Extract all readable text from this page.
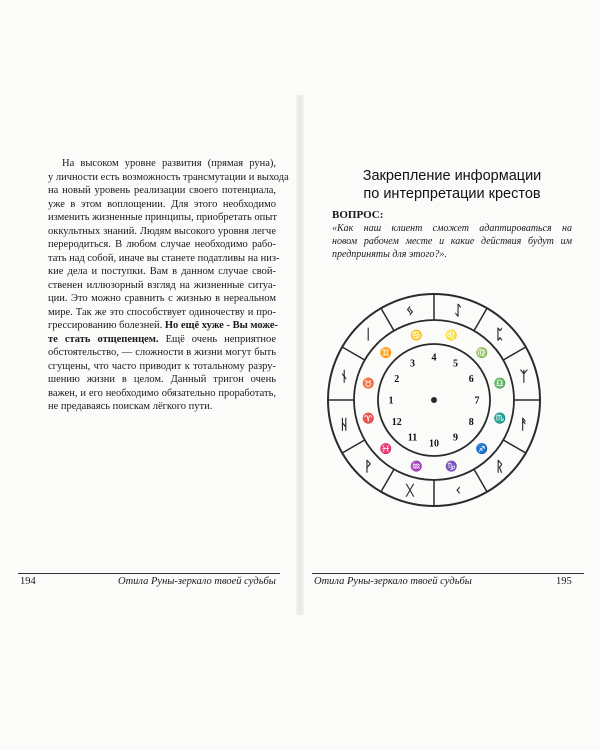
На высоком уровне развития (прямая руна),
у личности есть возможность трансмутации и выхода
на новый уровень реализации своего потенциала,
уже в этом воплощении. Для этого необходимо
изменить жизненные принципы, приобретать опыт
оккультных знаний. Людям высокого уровня легче
переродиться. В любом случае необходимо рабо-
тать над собой, иначе вы станете податливы на низ-
кие дела и поступки. Вам в данном случае свой-
ственен иллюзорный взгляд на жизненные ситуа-
ции. Это можно сравнить с жизнью в нереальном
мире. Так же это способствует одиночеству и про-
грессированию болезней. Но ещё хуже - Вы може-
те стать отщепенцем. Ещё очень неприятное
обстоятельство, — сложности в жизни могут быть
сгущены, что часто приводит к тотальному разру-
шению жизни в целом. Данный тригон очень
важен, и его необходимо обязательно проработать,
не предаваясь поискам лёгкого пути.
194	Отила Руны-зеркало твоей судьбы
Закрепление информации
по интерпретации крестов
ВОПРОС:
«Как наш клиент сможет адаптироваться на
новом рабочем месте и какие действия будут им
предприняты для этого?».
ᚨ
ᚱ
ᚲ
ᚷ
ᚹ
ᚺ
ᚾ
ᛁ
ᛃ	ᛇ
ᛈ
ᛉ
♈
♉
♊
♋ ♌
♍
♎
♏
♐
♑
♒
♓
1
2
3
4
5
6
7
8
9
10
11
12
Отила Руны-зеркало твоей судьбы	195
